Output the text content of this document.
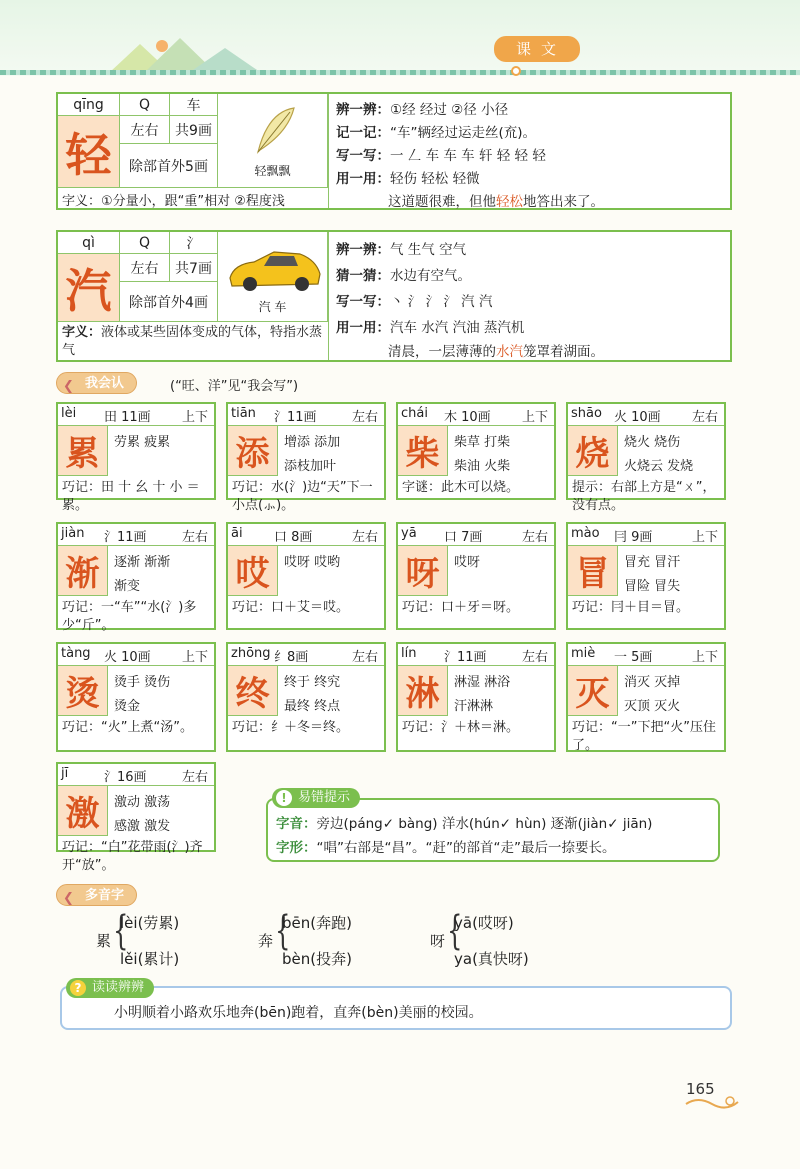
课文
qīng	Q	车
轻	左右	共9画
除部首外5画	轻飘飘
字义：①分量小，跟“重”相对 ②程度浅
辨一辨：①经 经过 ②径 小径
记一记：“车”辆经过运走丝(㐬)。
写一写：一 𠃋 车 车 车 轩 轻 轻 轻
用一用：轻伤 轻松 轻微
这道题很难，但他轻松地答出来了。
qì	Q	氵
汽	左右	共7画
除部首外4画	汽 车
字义：液体或某些固体变成的气体，特指水蒸气
辨一辨：气 生气 空气
猜一猜：水边有空气。
写一写：丶 氵 氵 氵 汽 汽
用一用：汽车 水汽 汽油 蒸汽机
清晨，一层薄薄的水汽笼罩着湖面。
❮ 我会认	(“旺、洋”见“我会写”)
lèi 田 11画 上下
累	劳累 疲累
巧记：田 十 幺 十 小 ＝累。
tiān 氵11画	左右
添	增添 添加
添枝加叶
巧记：水(氵)边“天”下一小点(⺗)。
chái 木 10画 上下
柴	柴草 打柴
柴油 火柴
字谜：此木可以烧。
shāo 火 10画 左右
烧	烧火 烧伤
火烧云 发烧
提示：右部上方是“ㄨ”，没有点。
jiàn 氵11画	左右
渐	逐渐 渐渐
渐变
巧记：一“车”“水(氵)多少“斤”。
āi 口 8画	左右
哎	哎呀 哎哟
巧记：口＋艾＝哎。
yā 口 7画	左右
呀	哎呀
巧记：口＋牙＝呀。
mào 冃 9画	上下
冒	冒充 冒汗
冒险 冒失
巧记：冃＋目＝冒。
tàng 火 10画 上下
烫	烫手 烫伤
烫金
巧记：“火”上煮“汤”。
zhōng 纟8画	左右
终	终于 终究
最终 终点
巧记：纟＋冬＝终。
lín 氵11画	左右
淋	淋湿 淋浴
汗淋淋
巧记：氵＋林＝淋。
miè 一 5画	上下
灭	消灭 灭掉
灭顶 灭火
巧记：“一”下把“火”压住了。
jī	氵16画	左右
激	激动 激荡
感激 激发
巧记：“白”花带雨(氵)齐开“放”。
字音：旁边(páng✓ bàng) 洋水(hún✓ hùn) 逐渐(jiàn✓ jiān)
字形：“唱”右部是“昌”。“赶”的部首“走”最后一捺要长。
! 易错提示
❮ 多音字
累 {
lèi(劳累)
lěi(累计)
奔 {
bēn(奔跑)
bèn(投奔)
呀 {
yā(哎呀)
ya(真快呀)
小明顺着小路欢乐地奔(bēn)跑着，直奔(bèn)美丽的校园。
? 读读辨辨
165
